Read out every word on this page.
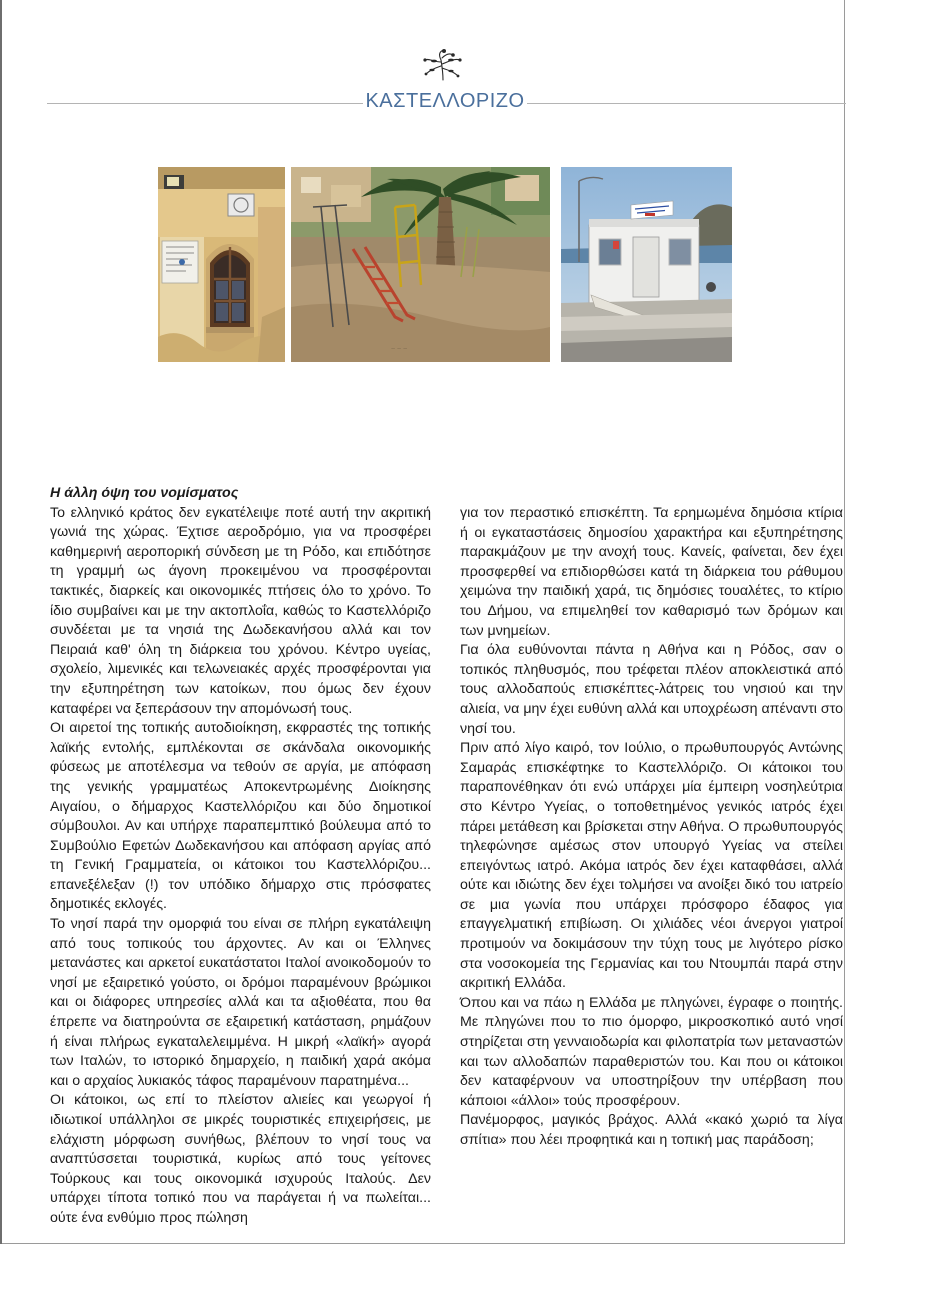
ΚΑΣΤΕΛΛΟΡΙΖΟ
~ ~ ~

Η άλλη όψη του νομίσματος

Το ελληνικό κράτος δεν εγκατέλειψε ποτέ αυτή την ακριτική γωνιά της χώρας. Έχτισε αεροδρόμιο, για να προσφέρει καθημερινή αεροπορική σύνδεση με τη Ρόδο, και επιδότησε τη γραμμή ως άγονη προκειμένου να προσφέρονται τακτικές, διαρκείς και οικονομικές πτήσεις όλο το χρόνο. Το ίδιο συμβαίνει και με την ακτοπλοΐα, καθώς το Καστελλόριζο συνδέεται με τα νησιά της Δωδεκανήσου αλλά και τον Πειραιά καθ' όλη τη διάρκεια του χρόνου. Κέντρο υγείας, σχολείο, λιμενικές και τελωνειακές αρχές προσφέρονται για την εξυπηρέτηση των κατοίκων, που όμως δεν έχουν καταφέρει να ξεπεράσουν την απομόνωσή τους.

Οι αιρετοί της τοπικής αυτοδιοίκηση, εκφραστές της τοπικής λαϊκής εντολής, εμπλέκονται σε σκάνδαλα οικονομικής φύσεως με αποτέλεσμα να τεθούν σε αργία, με απόφαση της γενικής γραμματέως Αποκεντρωμένης Διοίκησης Αιγαίου, ο δήμαρχος Καστελλόριζου και δύο δημοτικοί σύμβουλοι. Αν και υπήρχε παραπεμπτικό βούλευμα από το Συμβούλιο Εφετών Δωδεκανήσου και απόφαση αργίας από τη Γενική Γραμματεία, οι κάτοικοι του Καστελλόριζου... επανεξέλεξαν (!) τον υπόδικο δήμαρχο στις πρόσφατες δημοτικές εκλογές.

Το νησί παρά την ομορφιά του είναι σε πλήρη εγκατάλειψη από τους τοπικούς του άρχοντες. Αν και οι Έλληνες μετανάστες και αρκετοί ευκατάστατοι Ιταλοί ανοικοδομούν το νησί με εξαιρετικό γούστο, οι δρόμοι παραμένουν βρώμικοι και οι διάφορες υπηρεσίες αλλά και τα αξιοθέατα, που θα έπρεπε να διατηρούντα σε εξαιρετική κατάσταση, ρημάζουν ή είναι πλήρως εγκαταλελειμμένα. Η μικρή «λαϊκή» αγορά των Ιταλών, το ιστορικό δημαρχείο, η παιδική χαρά ακόμα και ο αρχαίος λυκιακός τάφος παραμένουν παρατημένα...

Οι κάτοικοι, ως επί το πλείστον αλιείες και γεωργοί ή ιδιωτικοί υπάλληλοι σε μικρές τουριστικές επιχειρήσεις, με ελάχιστη μόρφωση συνήθως, βλέπουν το νησί τους να αναπτύσσεται τουριστικά, κυρίως από τους γείτονες Τούρκους και τους οικονομικά ισχυρούς Ιταλούς. Δεν υπάρχει τίποτα τοπικό που να παράγεται ή να πωλείται... ούτε ένα ενθύμιο προς πώληση

για τον περαστικό επισκέπτη. Τα ερημωμένα δημόσια κτίρια ή οι εγκαταστάσεις δημοσίου χαρακτήρα και εξυπηρέτησης παρακμάζουν με την ανοχή τους. Κανείς, φαίνεται, δεν έχει προσφερθεί να επιδιορθώσει κατά τη διάρκεια του ράθυμου χειμώνα την παιδική χαρά, τις δημόσιες τουαλέτες, το κτίριο του Δήμου, να επιμεληθεί τον καθαρισμό των δρόμων και των μνημείων.

Για όλα ευθύνονται πάντα η Αθήνα και η Ρόδος, σαν ο τοπικός πληθυσμός, που τρέφεται πλέον αποκλειστικά από τους αλλοδαπούς επισκέπτες-λάτρεις του νησιού και την αλιεία, να μην έχει ευθύνη αλλά και υποχρέωση απέναντι στο νησί του.

Πριν από λίγο καιρό, τον Ιούλιο, ο πρωθυπουργός Αντώνης Σαμαράς επισκέφτηκε το Καστελλόριζο. Οι κάτοικοι του παραπονέθηκαν ότι ενώ υπάρχει μία έμπειρη νοσηλεύτρια στο Κέντρο Υγείας, ο τοποθετημένος γενικός ιατρός έχει πάρει μετάθεση και βρίσκεται στην Αθήνα. Ο πρωθυπουργός τηλεφώνησε αμέσως στον υπουργό Υγείας να στείλει επειγόντως ιατρό. Ακόμα ιατρός δεν έχει καταφθάσει, αλλά ούτε και ιδιώτης δεν έχει τολμήσει να ανοίξει δικό του ιατρείο σε μια γωνία που υπάρχει πρόσφορο έδαφος για επαγγελματική επιβίωση. Οι χιλιάδες νέοι άνεργοι γιατροί προτιμούν να δοκιμάσουν την τύχη τους με λιγότερο ρίσκο στα νοσοκομεία της Γερμανίας και του Ντουμπάι παρά στην ακριτική Ελλάδα.

Όπου και να πάω η Ελλάδα με πληγώνει, έγραφε ο ποιητής. Με πληγώνει που το πιο όμορφο, μικροσκοπικό αυτό νησί στηρίζεται στη γενναιοδωρία και φιλοπατρία των μεταναστών και των αλλοδαπών παραθεριστών του. Και που οι κάτοικοι δεν καταφέρνουν να υποστηρίξουν την υπέρβαση που κάποιοι «άλλοι» τούς προσφέρουν.

Πανέμορφος, μαγικός βράχος. Αλλά «κακό χωριό τα λίγα σπίτια» που λέει προφητικά και η τοπική μας παράδοση;
